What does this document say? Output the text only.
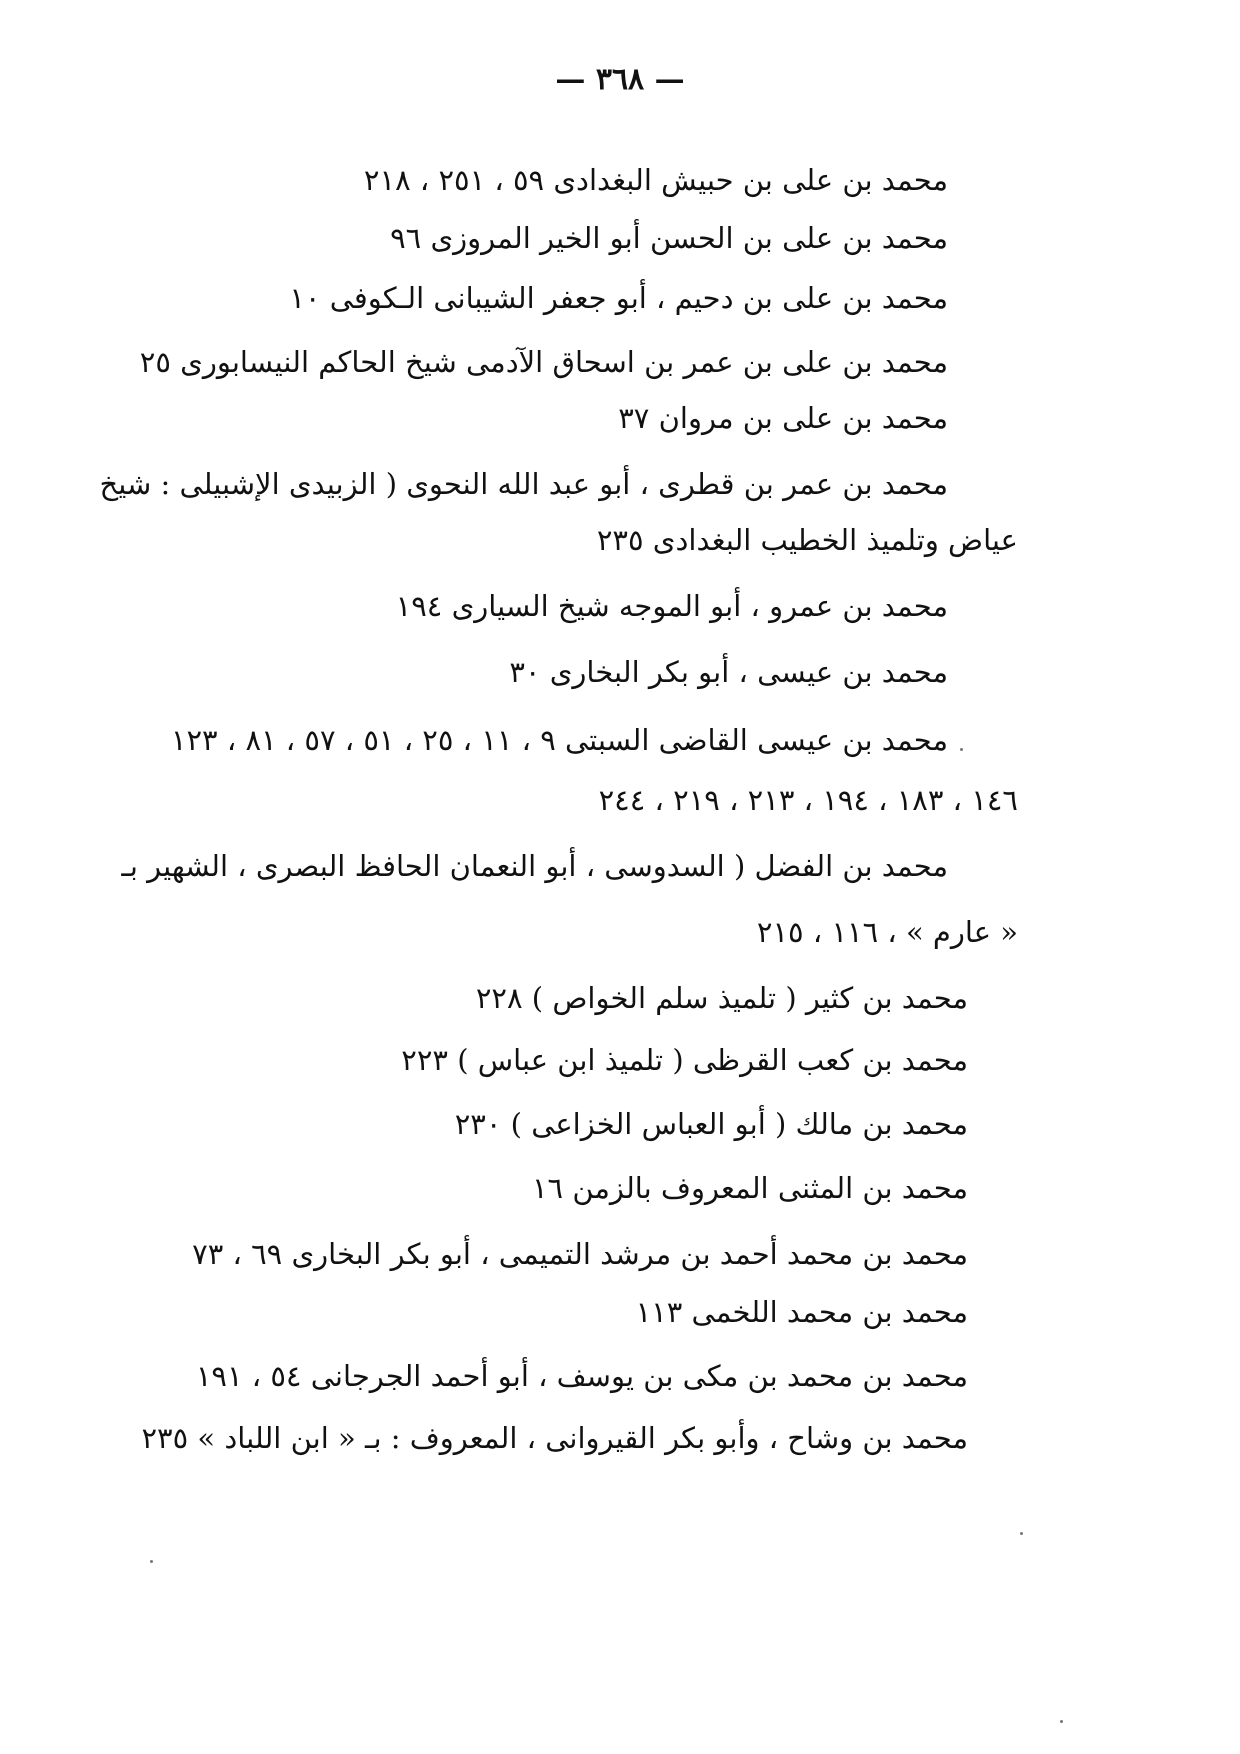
— ٣٦٨ —
محمد بن على بن حبيش البغدادى ٥٩ ، ٢٥١ ، ٢١٨
محمد بن على بن الحسن أبو الخير المروزى ٩٦
محمد بن على بن دحيم ، أبو جعفر الشيبانى الـكوفى ١٠
محمد بن على بن عمر بن اسحاق الآدمى شيخ الحاكم النيسابورى ٢٥
محمد بن على بن مروان ٣٧
محمد بن عمر بن قطرى ، أبو عبد الله النحوى ( الزبيدى الإشبيلى : شيخ
عياض وتلميذ الخطيب البغدادى ٢٣٥
محمد بن عمرو ، أبو الموجه شيخ السيارى ١٩٤
محمد بن عيسى ، أبو بكر البخارى ٣٠
محمد بن عيسى القاضى السبتى ٩ ، ١١ ، ٢٥ ، ٥١ ، ٥٧ ، ٨١ ، ١٢٣
١٤٦ ، ١٨٣ ، ١٩٤ ، ٢١٣ ، ٢١٩ ، ٢٤٤
محمد بن الفضل ( السدوسى ، أبو النعمان الحافظ البصرى ، الشهير بـ
« عارم » ، ١١٦ ، ٢١٥
محمد بن كثير ( تلميذ سلم الخواص ) ٢٢٨
محمد بن كعب القرظى ( تلميذ ابن عباس ) ٢٢٣
محمد بن مالك ( أبو العباس الخزاعى ) ٢٣٠
محمد بن المثنى المعروف بالزمن ١٦
محمد بن محمد أحمد بن مرشد التميمى ، أبو بكر البخارى ٦٩ ، ٧٣
محمد بن محمد اللخمى ١١٣
محمد بن محمد بن مكى بن يوسف ، أبو أحمد الجرجانى ٥٤ ، ١٩١
محمد بن وشاح ، وأبو بكر القيروانى ، المعروف : بـ « ابن اللباد » ٢٣٥
